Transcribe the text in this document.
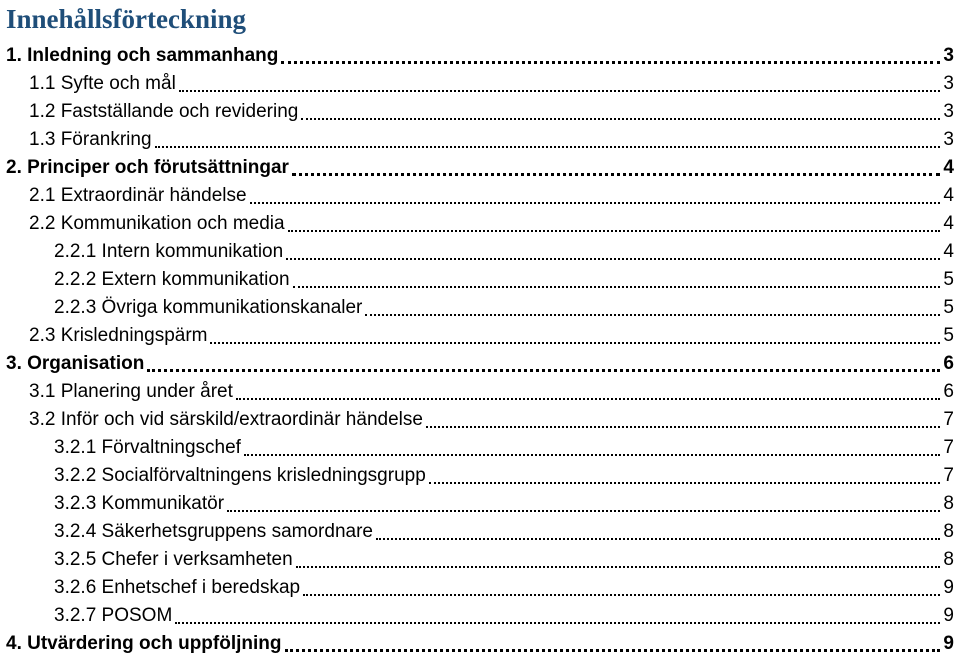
Innehållsförteckning
1. Inledning och sammanhang	3
1.1 Syfte och mål	3
1.2 Fastställande och revidering	3
1.3 Förankring	3
2. Principer och förutsättningar	4
2.1 Extraordinär händelse	4
2.2 Kommunikation och media	4
2.2.1 Intern kommunikation	4
2.2.2 Extern kommunikation	5
2.2.3 Övriga kommunikationskanaler	5
2.3 Krisledningspärm	5
3. Organisation	6
3.1 Planering under året	6
3.2 Inför och vid särskild/extraordinär händelse	7
3.2.1 Förvaltningschef	7
3.2.2 Socialförvaltningens krisledningsgrupp	7
3.2.3 Kommunikatör	8
3.2.4 Säkerhetsgruppens samordnare	8
3.2.5 Chefer i verksamheten	8
3.2.6 Enhetschef i beredskap	9
3.2.7 POSOM	9
4. Utvärdering och uppföljning	9
